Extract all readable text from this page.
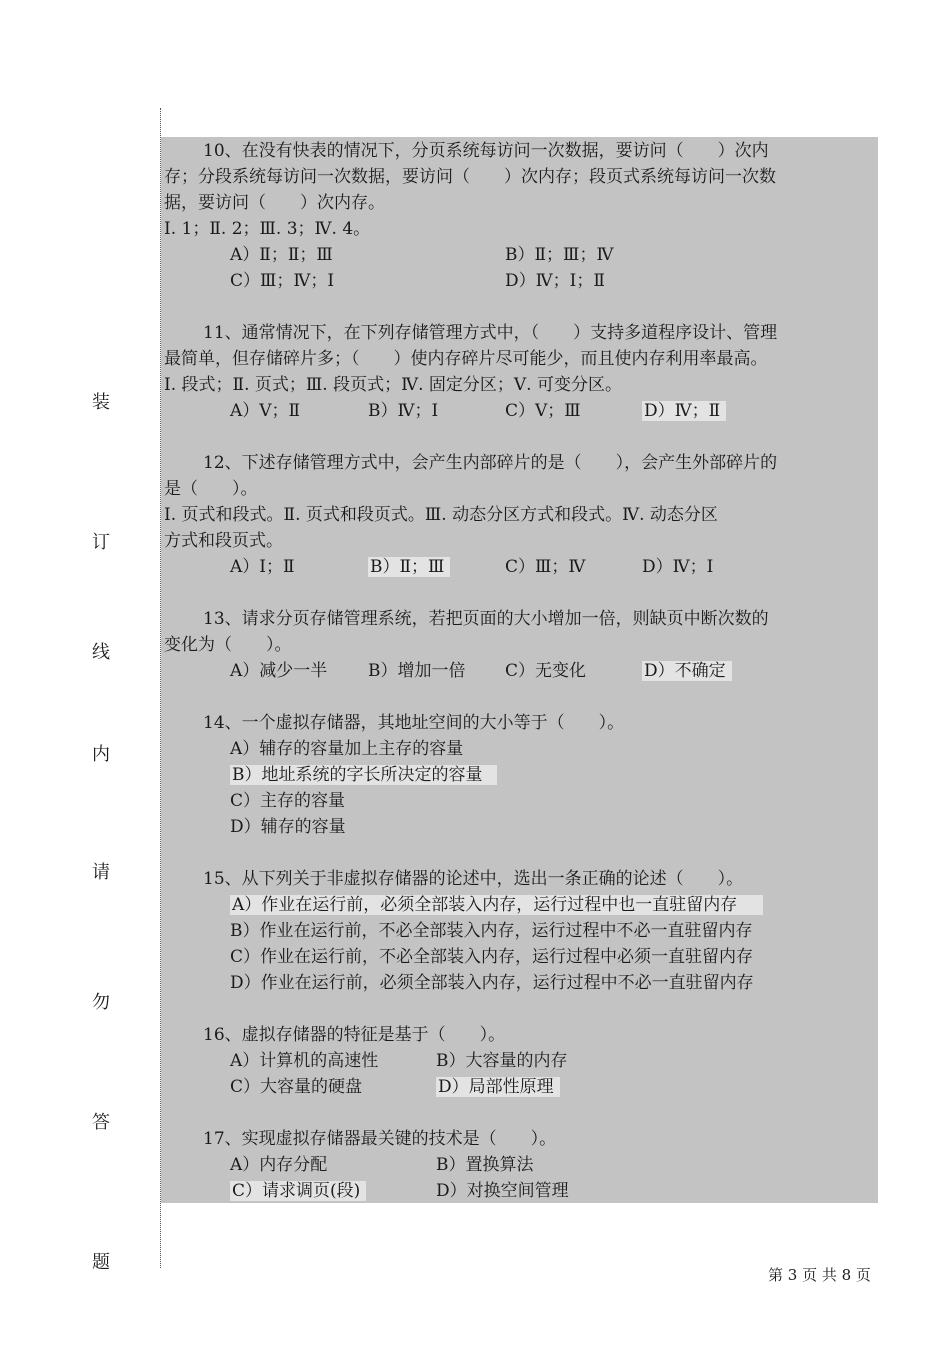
装
订
线
内
请
勿
答
题
10、在没有快表的情况下，分页系统每访问一次数据，要访问（　　）次内
存；分段系统每访问一次数据，要访问（　　）次内存；段页式系统每访问一次数
据，要访问（　　）次内存。
Ⅰ. 1；Ⅱ. 2；Ⅲ. 3；Ⅳ. 4。
A）Ⅱ；Ⅱ；Ⅲ	B）Ⅱ；Ⅲ；Ⅳ
C）Ⅲ；Ⅳ；Ⅰ	D）Ⅳ；Ⅰ；Ⅱ
11、通常情况下，在下列存储管理方式中，（　　）支持多道程序设计、管理
最简单，但存储碎片多；（　　）使内存碎片尽可能少，而且使内存利用率最高。
Ⅰ. 段式；Ⅱ. 页式；Ⅲ. 段页式；Ⅳ. 固定分区；Ⅴ. 可变分区。
A）Ⅴ；Ⅱ	B）Ⅳ；Ⅰ	C）Ⅴ；Ⅲ	D）Ⅳ；Ⅱ
12、下述存储管理方式中，会产生内部碎片的是（　　），会产生外部碎片的
是（　　）。
Ⅰ. 页式和段式。Ⅱ. 页式和段页式。Ⅲ. 动态分区方式和段式。Ⅳ. 动态分区
方式和段页式。
A）Ⅰ；Ⅱ	B）Ⅱ；Ⅲ	C）Ⅲ；Ⅳ	D）Ⅳ；Ⅰ
13、请求分页存储管理系统，若把页面的大小增加一倍，则缺页中断次数的
变化为（　　）。
A）减少一半 B）增加一倍 C）无变化	D）不确定
14、一个虚拟存储器，其地址空间的大小等于（　　）。
A）辅存的容量加上主存的容量
B）地址系统的字长所决定的容量
C）主存的容量
D）辅存的容量
15、从下列关于非虚拟存储器的论述中，选出一条正确的论述（　　）。
A）作业在运行前，必须全部装入内存，运行过程中也一直驻留内存
B）作业在运行前，不必全部装入内存，运行过程中不必一直驻留内存
C）作业在运行前，不必全部装入内存，运行过程中必须一直驻留内存
D）作业在运行前，必须全部装入内存，运行过程中不必一直驻留内存
16、虚拟存储器的特征是基于（　　）。
A）计算机的高速性	B）大容量的内存
C）大容量的硬盘	D）局部性原理
17、实现虚拟存储器最关键的技术是（　　）。
A）内存分配	B）置换算法
C）请求调页(段)	D）对换空间管理
第 3 页 共 8 页
